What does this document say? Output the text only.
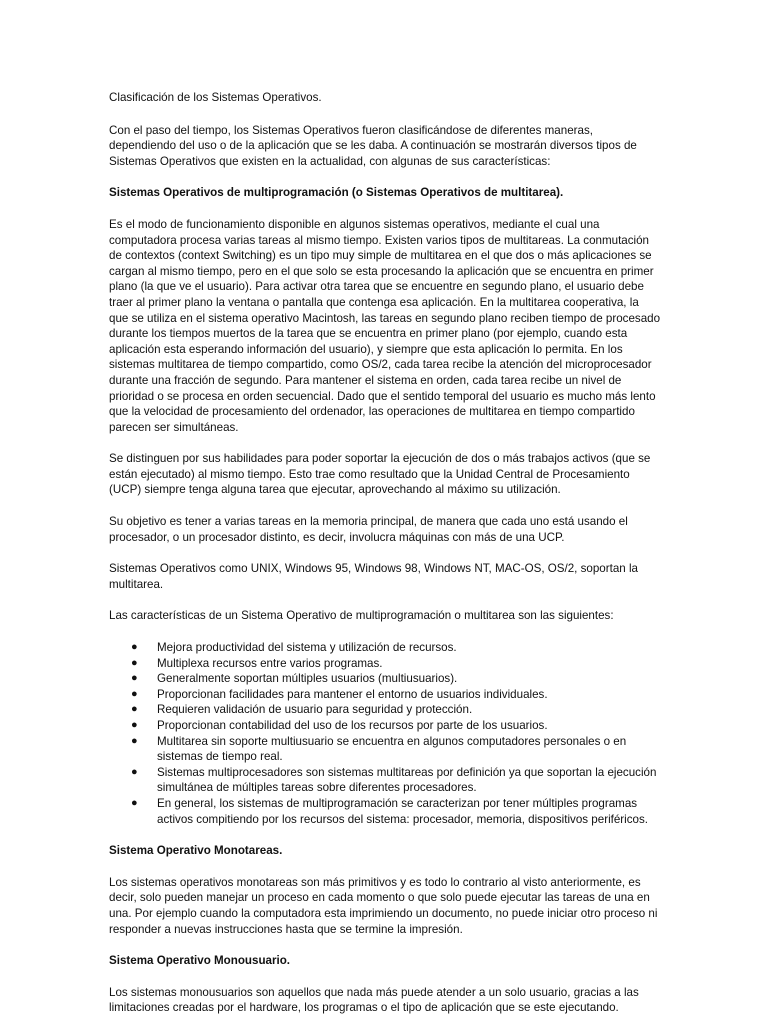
Clasificación de los Sistemas Operativos.
Con el paso del tiempo, los Sistemas Operativos fueron clasificándose de diferentes maneras, dependiendo del uso o de la aplicación que se les daba. A continuación se mostrarán diversos tipos de Sistemas Operativos que existen en la actualidad, con algunas de sus características:
Sistemas Operativos de multiprogramación (o Sistemas Operativos de multitarea).
Es el modo de funcionamiento disponible en algunos sistemas operativos, mediante el cual una computadora procesa varias tareas al mismo tiempo. Existen varios tipos de multitareas. La conmutación de contextos (context Switching) es un tipo muy simple de multitarea en el que dos o más aplicaciones se cargan al mismo tiempo, pero en el que solo se esta procesando la aplicación que se encuentra en primer plano (la que ve el usuario). Para activar otra tarea que se encuentre en segundo plano, el usuario debe traer al primer plano la ventana o pantalla que contenga esa aplicación. En la multitarea cooperativa, la que se utiliza en el sistema operativo Macintosh, las tareas en segundo plano reciben tiempo de procesado durante los tiempos muertos de la tarea que se encuentra en primer plano (por ejemplo, cuando esta aplicación esta esperando información del usuario), y siempre que esta aplicación lo permita. En los sistemas multitarea de tiempo compartido, como OS/2, cada tarea recibe la atención del microprocesador durante una fracción de segundo. Para mantener el sistema en orden, cada tarea recibe un nivel de prioridad o se procesa en orden secuencial. Dado que el sentido temporal del usuario es mucho más lento que la velocidad de procesamiento del ordenador, las operaciones de multitarea en tiempo compartido parecen ser simultáneas.
Se distinguen por sus habilidades para poder soportar la ejecución de dos o más trabajos activos (que se están ejecutado) al mismo tiempo. Esto trae como resultado que la Unidad Central de Procesamiento (UCP) siempre tenga alguna tarea que ejecutar, aprovechando al máximo su utilización.
Su objetivo es tener a varias tareas en la memoria principal, de manera que cada uno está usando el procesador, o un procesador distinto, es decir, involucra máquinas con más de una UCP.
Sistemas Operativos como UNIX, Windows 95, Windows 98, Windows NT, MAC-OS, OS/2, soportan la multitarea.
Las características de un Sistema Operativo de multiprogramación o multitarea son las siguientes:
● Mejora productividad del sistema y utilización de recursos.
● Multiplexa recursos entre varios programas.
● Generalmente soportan múltiples usuarios (multiusuarios).
● Proporcionan facilidades para mantener el entorno de usuarios individuales.
● Requieren validación de usuario para seguridad y protección.
● Proporcionan contabilidad del uso de los recursos por parte de los usuarios.
● Multitarea sin soporte multiusuario se encuentra en algunos computadores personales o en sistemas de tiempo real.
● Sistemas multiprocesadores son sistemas multitareas por definición ya que soportan la ejecución simultánea de múltiples tareas sobre diferentes procesadores.
● En general, los sistemas de multiprogramación se caracterizan por tener múltiples programas activos compitiendo por los recursos del sistema: procesador, memoria, dispositivos periféricos.
Sistema Operativo Monotareas.
Los sistemas operativos monotareas son más primitivos y es todo lo contrario al visto anteriormente, es decir, solo pueden manejar un proceso en cada momento o que solo puede ejecutar las tareas de una en una. Por ejemplo cuando la computadora esta imprimiendo un documento, no puede iniciar otro proceso ni responder a nuevas instrucciones hasta que se termine la impresión.
Sistema Operativo Monousuario.
Los sistemas monousuarios son aquellos que nada más puede atender a un solo usuario, gracias a las limitaciones creadas por el hardware, los programas o el tipo de aplicación que se este ejecutando.
